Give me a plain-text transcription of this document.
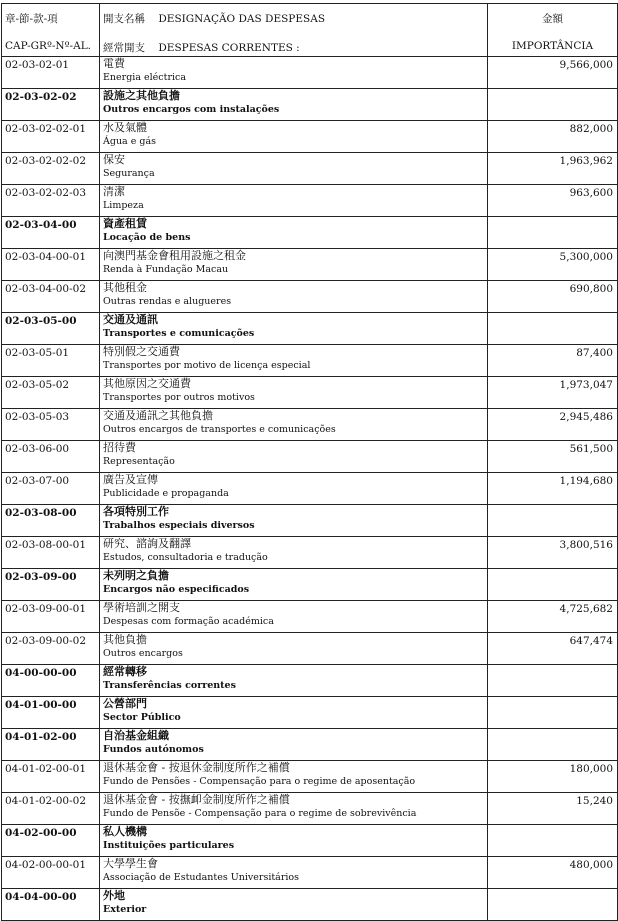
章-節-款-項
CAP-GRº-Nº-AL.	開支名稱 DESIGNAÇÃO DAS DESPESAS
經常開支 DESPESAS CORRENTES :	金額
IMPORTÂNCIA

02-03-02-01	電費
Energia eléctrica	9,566,000
02-03-02-02	設施之其他負擔
Outros encargos com instalações	

02-03-02-02-01	水及氣體
Água e gás	882,000
02-03-02-02-02	保安
Segurança	1,963,962
02-03-02-02-03	清潔
Limpeza	963,600
02-03-04-00	資產租賃
Locação de bens	

02-03-04-00-01	向澳門基金會租用設施之租金
Renda à Fundação Macau	5,300,000
02-03-04-00-02	其他租金
Outras rendas e alugueres	690,800
02-03-05-00	交通及通訊
Transportes e comunicações	

02-03-05-01	特別假之交通費
Transportes por motivo de licença especial	87,400
02-03-05-02	其他原因之交通費
Transportes por outros motivos	1,973,047
02-03-05-03	交通及通訊之其他負擔
Outros encargos de transportes e comunicações	2,945,486
02-03-06-00	招待費
Representação	561,500
02-03-07-00	廣告及宣傳
Publicidade e propaganda	1,194,680
02-03-08-00	各項特別工作
Trabalhos especiais diversos	

02-03-08-00-01	研究、諮詢及翻譯
Estudos, consultadoria e tradução	3,800,516
02-03-09-00	未列明之負擔
Encargos não especificados	

02-03-09-00-01	學術培訓之開支
Despesas com formação académica	4,725,682
02-03-09-00-02	其他負擔
Outros encargos	647,474
04-00-00-00	經常轉移
Transferências correntes	

04-01-00-00	公營部門
Sector Público	

04-01-02-00	自治基金組織
Fundos autónomos	

04-01-02-00-01	退休基金會 - 按退休金制度所作之補償
Fundo de Pensões - Compensação para o regime de aposentação	180,000
04-01-02-00-02	退休基金會 - 按撫卹金制度所作之補償
Fundo de Pensõe - Compensação para o regime de sobrevivência	15,240
04-02-00-00	私人機構
Instituições particulares	

04-02-00-00-01	大學學生會
Associação de Estudantes Universitários	480,000
04-04-00-00	外地
Exterior	
